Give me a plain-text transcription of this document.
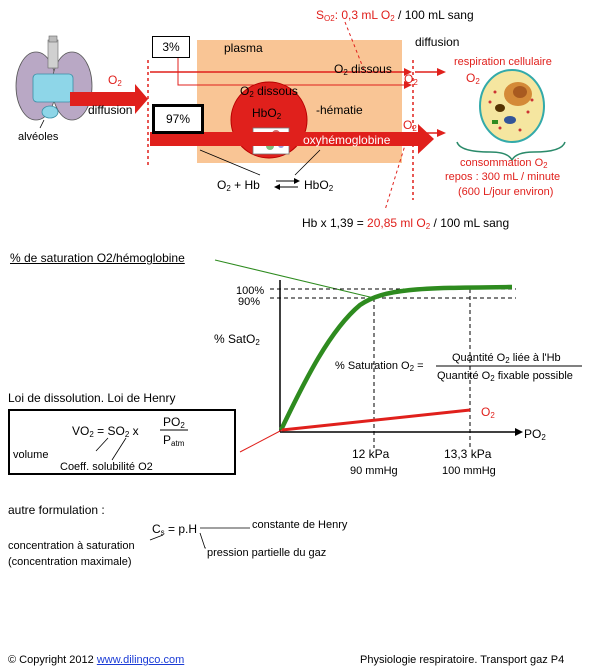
$S_{O2}$: 0,3 mL $O_2 / 100$ mL sang
3%	plasma	diffusion
respiration cellulaire
$O_2$
$O_2$ dissous
$O_2$
$O_2$
diffusion
alvéoles
97%
$O_2$ dissous
HbO$_2$	-hématie
$O_2$
oxyhémoglobine
$O_2 + Hb$	HbO$_2$
consommation $O_2$
repos : 300 mL / minute
(600 L/jour environ)
Hb x 1,39 = 20,85 ml $O_2 / 100$ mL sang
% de saturation O2/hémoglobine
100%
90%
% SatO$_2$
$PO_2$
% Saturation $O_2$ =
Quantité $O_2$ liée à l'Hb
Quantité $O_2$ fixable possible
$O_2$
12 kPa
90 mmHg
13,3 kPa
100 mmHg
Loi de dissolution. Loi de Henry
$VO_2 = SO_2$ x
$PO_2$
$P_{atm}$
volume
Coeff. solubilité O2
autre formulation :
$C_s = p.H$	constante de Henry
concentration à saturation
(concentration maximale)
pression partielle du gaz
© Copyright 2012 www.dilingco.com	Physiologie respiratoire. Transport gaz P4
